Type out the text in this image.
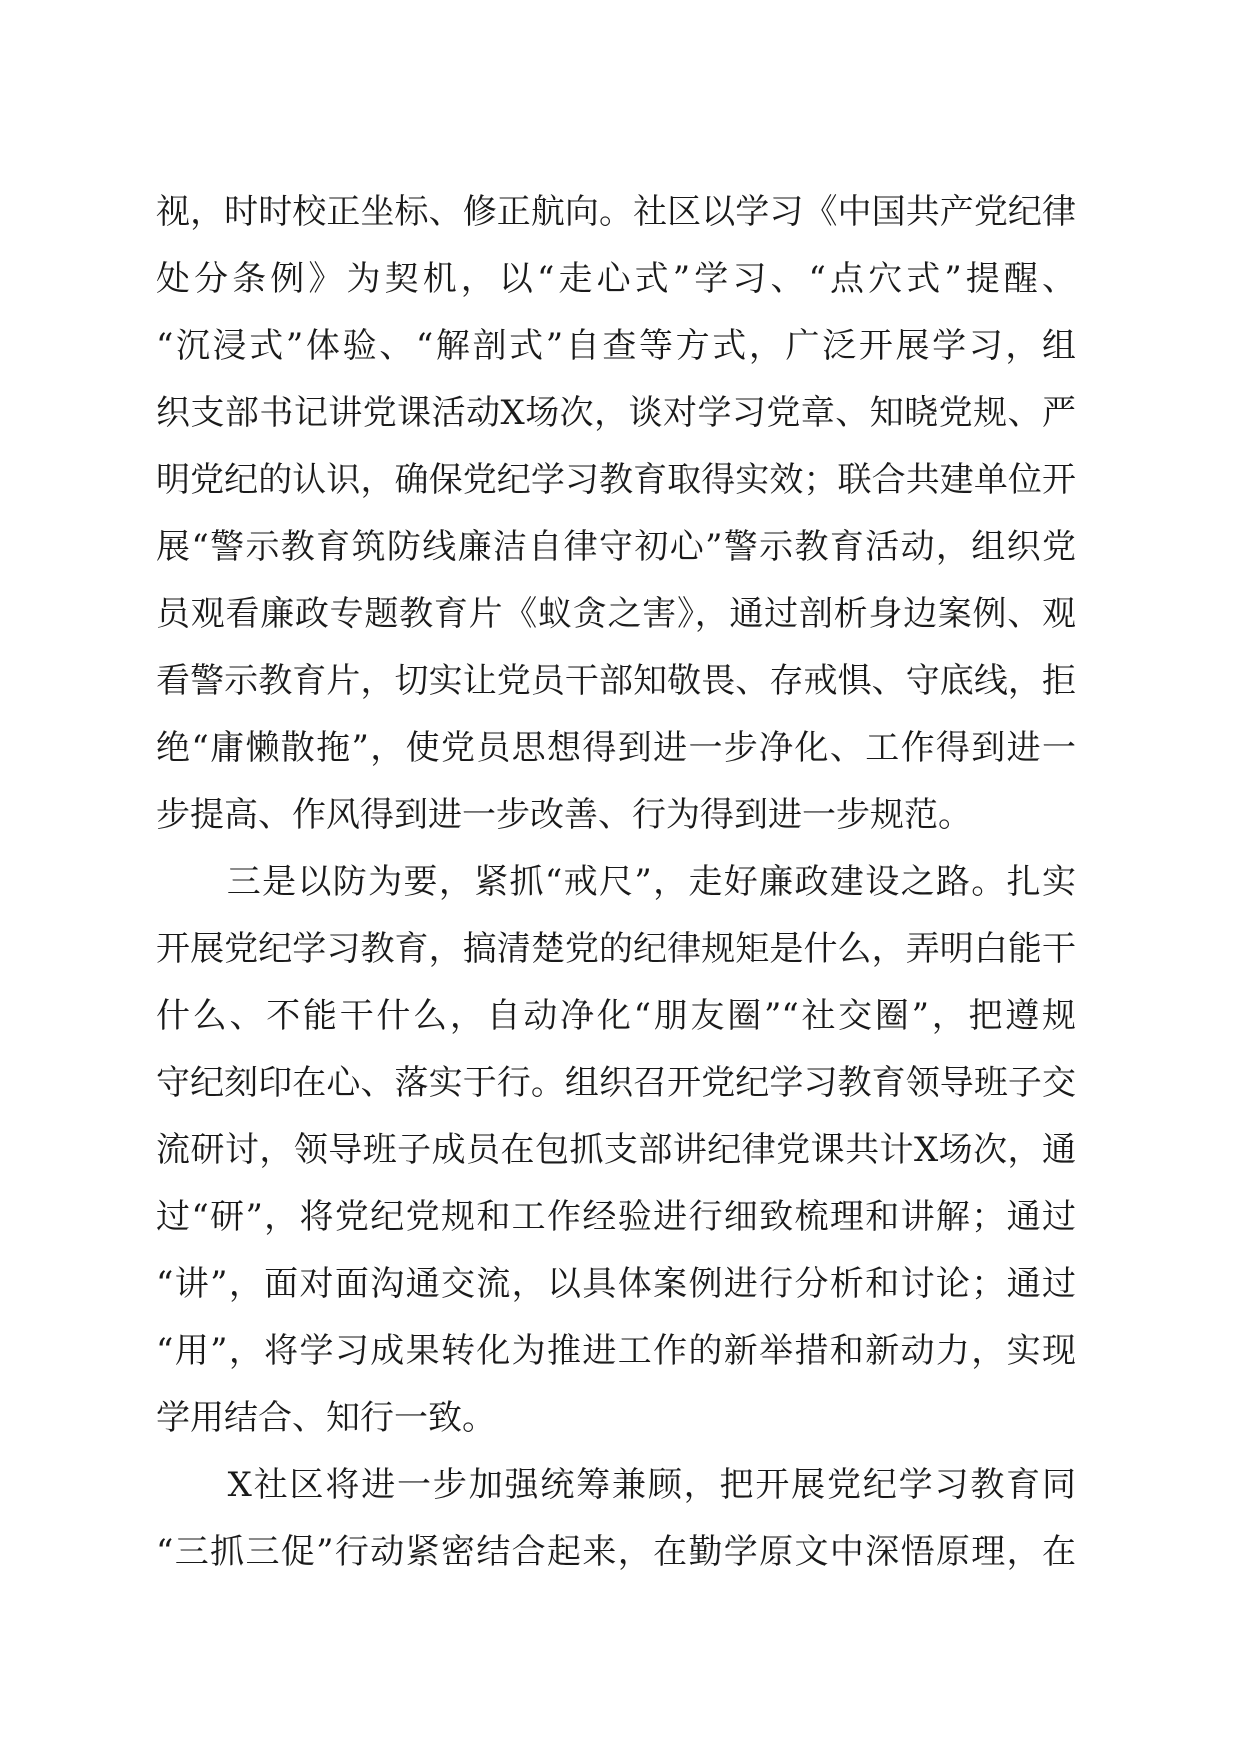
视，时时校正坐标、修正航向。社区以学习《中国共产党纪律
处分条例》为契机，以“走心式”学习、“点穴式”提醒、
“沉浸式”体验、“解剖式”自查等方式，广泛开展学习，组
织支部书记讲党课活动X场次，谈对学习党章、知晓党规、严
明党纪的认识，确保党纪学习教育取得实效；联合共建单位开
展“警示教育筑防线廉洁自律守初心”警示教育活动，组织党
员观看廉政专题教育片《蚁贪之害》，通过剖析身边案例、观
看警示教育片，切实让党员干部知敬畏、存戒惧、守底线，拒
绝“庸懒散拖”，使党员思想得到进一步净化、工作得到进一
步提高、作风得到进一步改善、行为得到进一步规范。
　　三是以防为要，紧抓“戒尺”，走好廉政建设之路。扎实
开展党纪学习教育，搞清楚党的纪律规矩是什么，弄明白能干
什么、不能干什么，自动净化“朋友圈”“社交圈”，把遵规
守纪刻印在心、落实于行。组织召开党纪学习教育领导班子交
流研讨，领导班子成员在包抓支部讲纪律党课共计X场次，通
过“研”，将党纪党规和工作经验进行细致梳理和讲解；通过
“讲”，面对面沟通交流，以具体案例进行分析和讨论；通过
“用”，将学习成果转化为推进工作的新举措和新动力，实现
学用结合、知行一致。
　　X社区将进一步加强统筹兼顾，把开展党纪学习教育同
“三抓三促”行动紧密结合起来，在勤学原文中深悟原理，在
